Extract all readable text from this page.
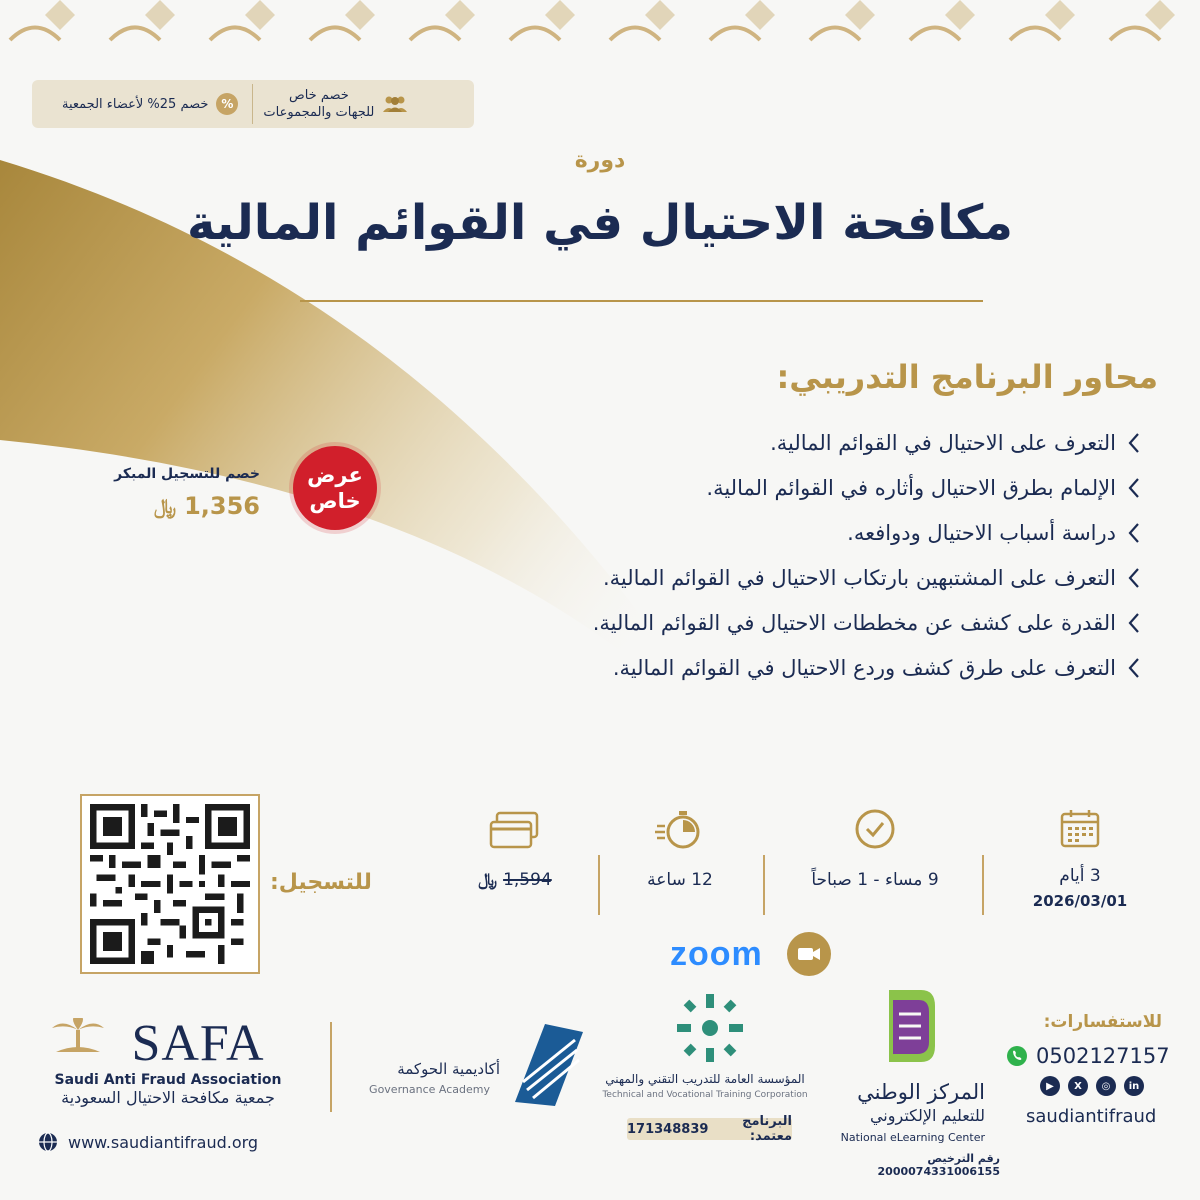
خصم 25% لأعضاء الجمعية	%
خصم خاص
للجهات والمجموعات
دورة
مكافحة الاحتيال في القوائم المالية
محاور البرنامج التدريبي:
التعرف على الاحتيال في القوائم المالية.
الإلمام بطرق الاحتيال وأثاره في القوائم المالية.
دراسة أسباب الاحتيال ودوافعه.
التعرف على المشتبهين بارتكاب الاحتيال في القوائم المالية.
القدرة على كشف عن مخططات الاحتيال في القوائم المالية.
التعرف على طرق كشف وردع الاحتيال في القوائم المالية.
عرض
خاص
خصم للتسجيل المبكر
﷼ 1,356
3 أيام
2026/03/01
9 مساء - 1 صباحاً
12 ساعة
﷼ 1,594
للتسجيل:
zoom
SAFA
Saudi Anti Fraud Association
جمعية مكافحة الاحتيال السعودية
www.saudiantifraud.org
أكاديمية الحوكمة
Governance Academy
المؤسسة العامة للتدريب التقني والمهني
Technical and Vocational Training Corporation
البرنامج معتمد:
171348839
المركز الوطني
للتعليم الإلكتروني
National eLearning Center
رقم الترخيص 2000074331006155
للاستفسارات:
0502127157
▶	X	◎	in
saudiantifraud
